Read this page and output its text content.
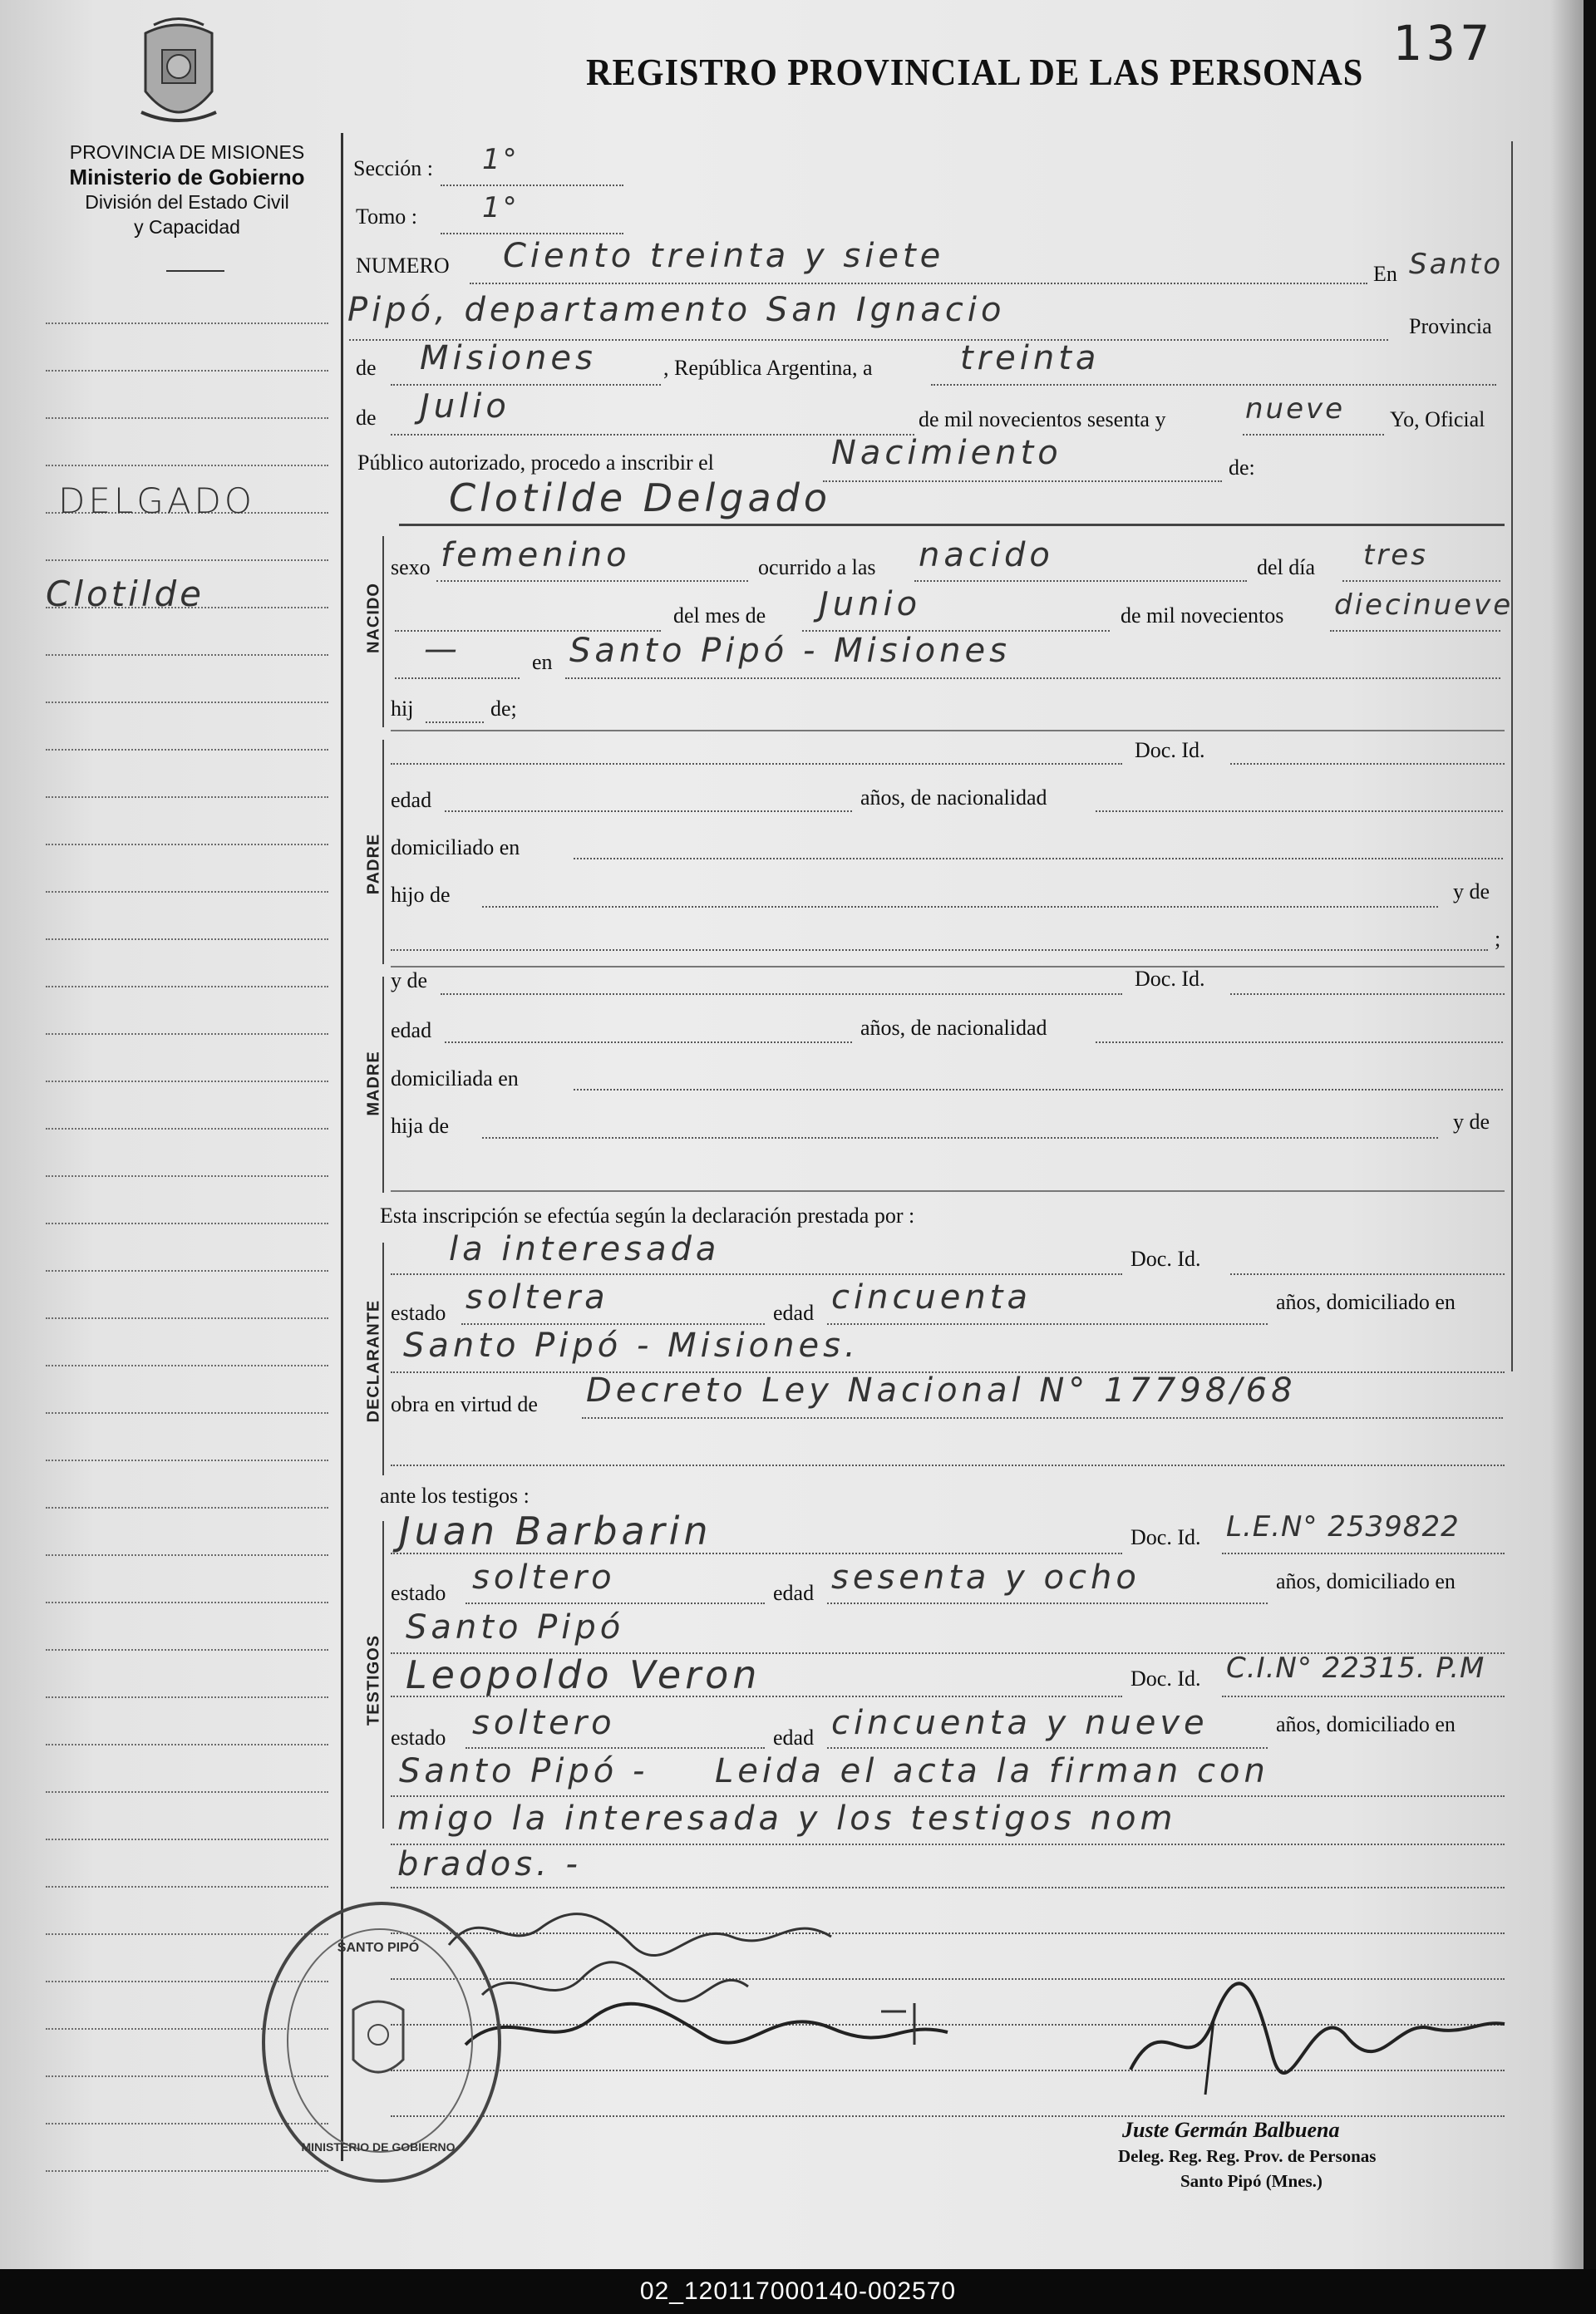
REGISTRO PROVINCIAL DE LAS PERSONAS
137
PROVINCIA DE MISIONES
Ministerio de Gobierno
División del Estado Civil
y Capacidad
DELGADO
Clotilde
Sección : 1°
Tomo : 1°
NUMERO Ciento treinta y siete	En Santo
Pipó, departamento San Ignacio	Provincia
de Misiones	, República Argentina, a	treinta
de Julio	de mil novecientos sesenta y	nueve Yo, Oficial
Público autorizado, procedo a inscribir el	Nacimiento	de:
Clotilde Delgado
NACIDO
sexo femenino	ocurrido a las nacido	del día tres
del mes de Junio	de mil novecientos diecinueve
—	en Santo Pipó - Misiones
hij	de;
PADRE
Doc. Id.
edad	años, de nacionalidad
domiciliado en
hijo de	y de
;
MADRE
y de	Doc. Id.
edad	años, de nacionalidad
domiciliada en
hija de	y de
Esta inscripción se efectúa según la declaración prestada por :
DECLARANTE
la interesada	Doc. Id.
estado soltera	edad cincuenta	años, domiciliado en
Santo Pipó - Misiones.
obra en virtud de Decreto Ley Nacional N° 17798/68
ante los testigos :
TESTIGOS
Juan Barbarin	Doc. Id. L.E.N° 2539822
estado soltero	edad sesenta y ocho	años, domiciliado en
Santo Pipó
Leopoldo Veron	Doc. Id. C.I.N° 22315. P.M
estado soltero	edad cincuenta y nueve	años, domiciliado en
Santo Pipó - Leida el acta la firman con
migo la interesada y los testigos nom
brados. -
SANTO PIPÓ
MINISTERIO DE GOBIERNO
Juste Germán Balbuena
Deleg. Reg. Reg. Prov. de Personas
Santo Pipó (Mnes.)
02_120117000140-002570
